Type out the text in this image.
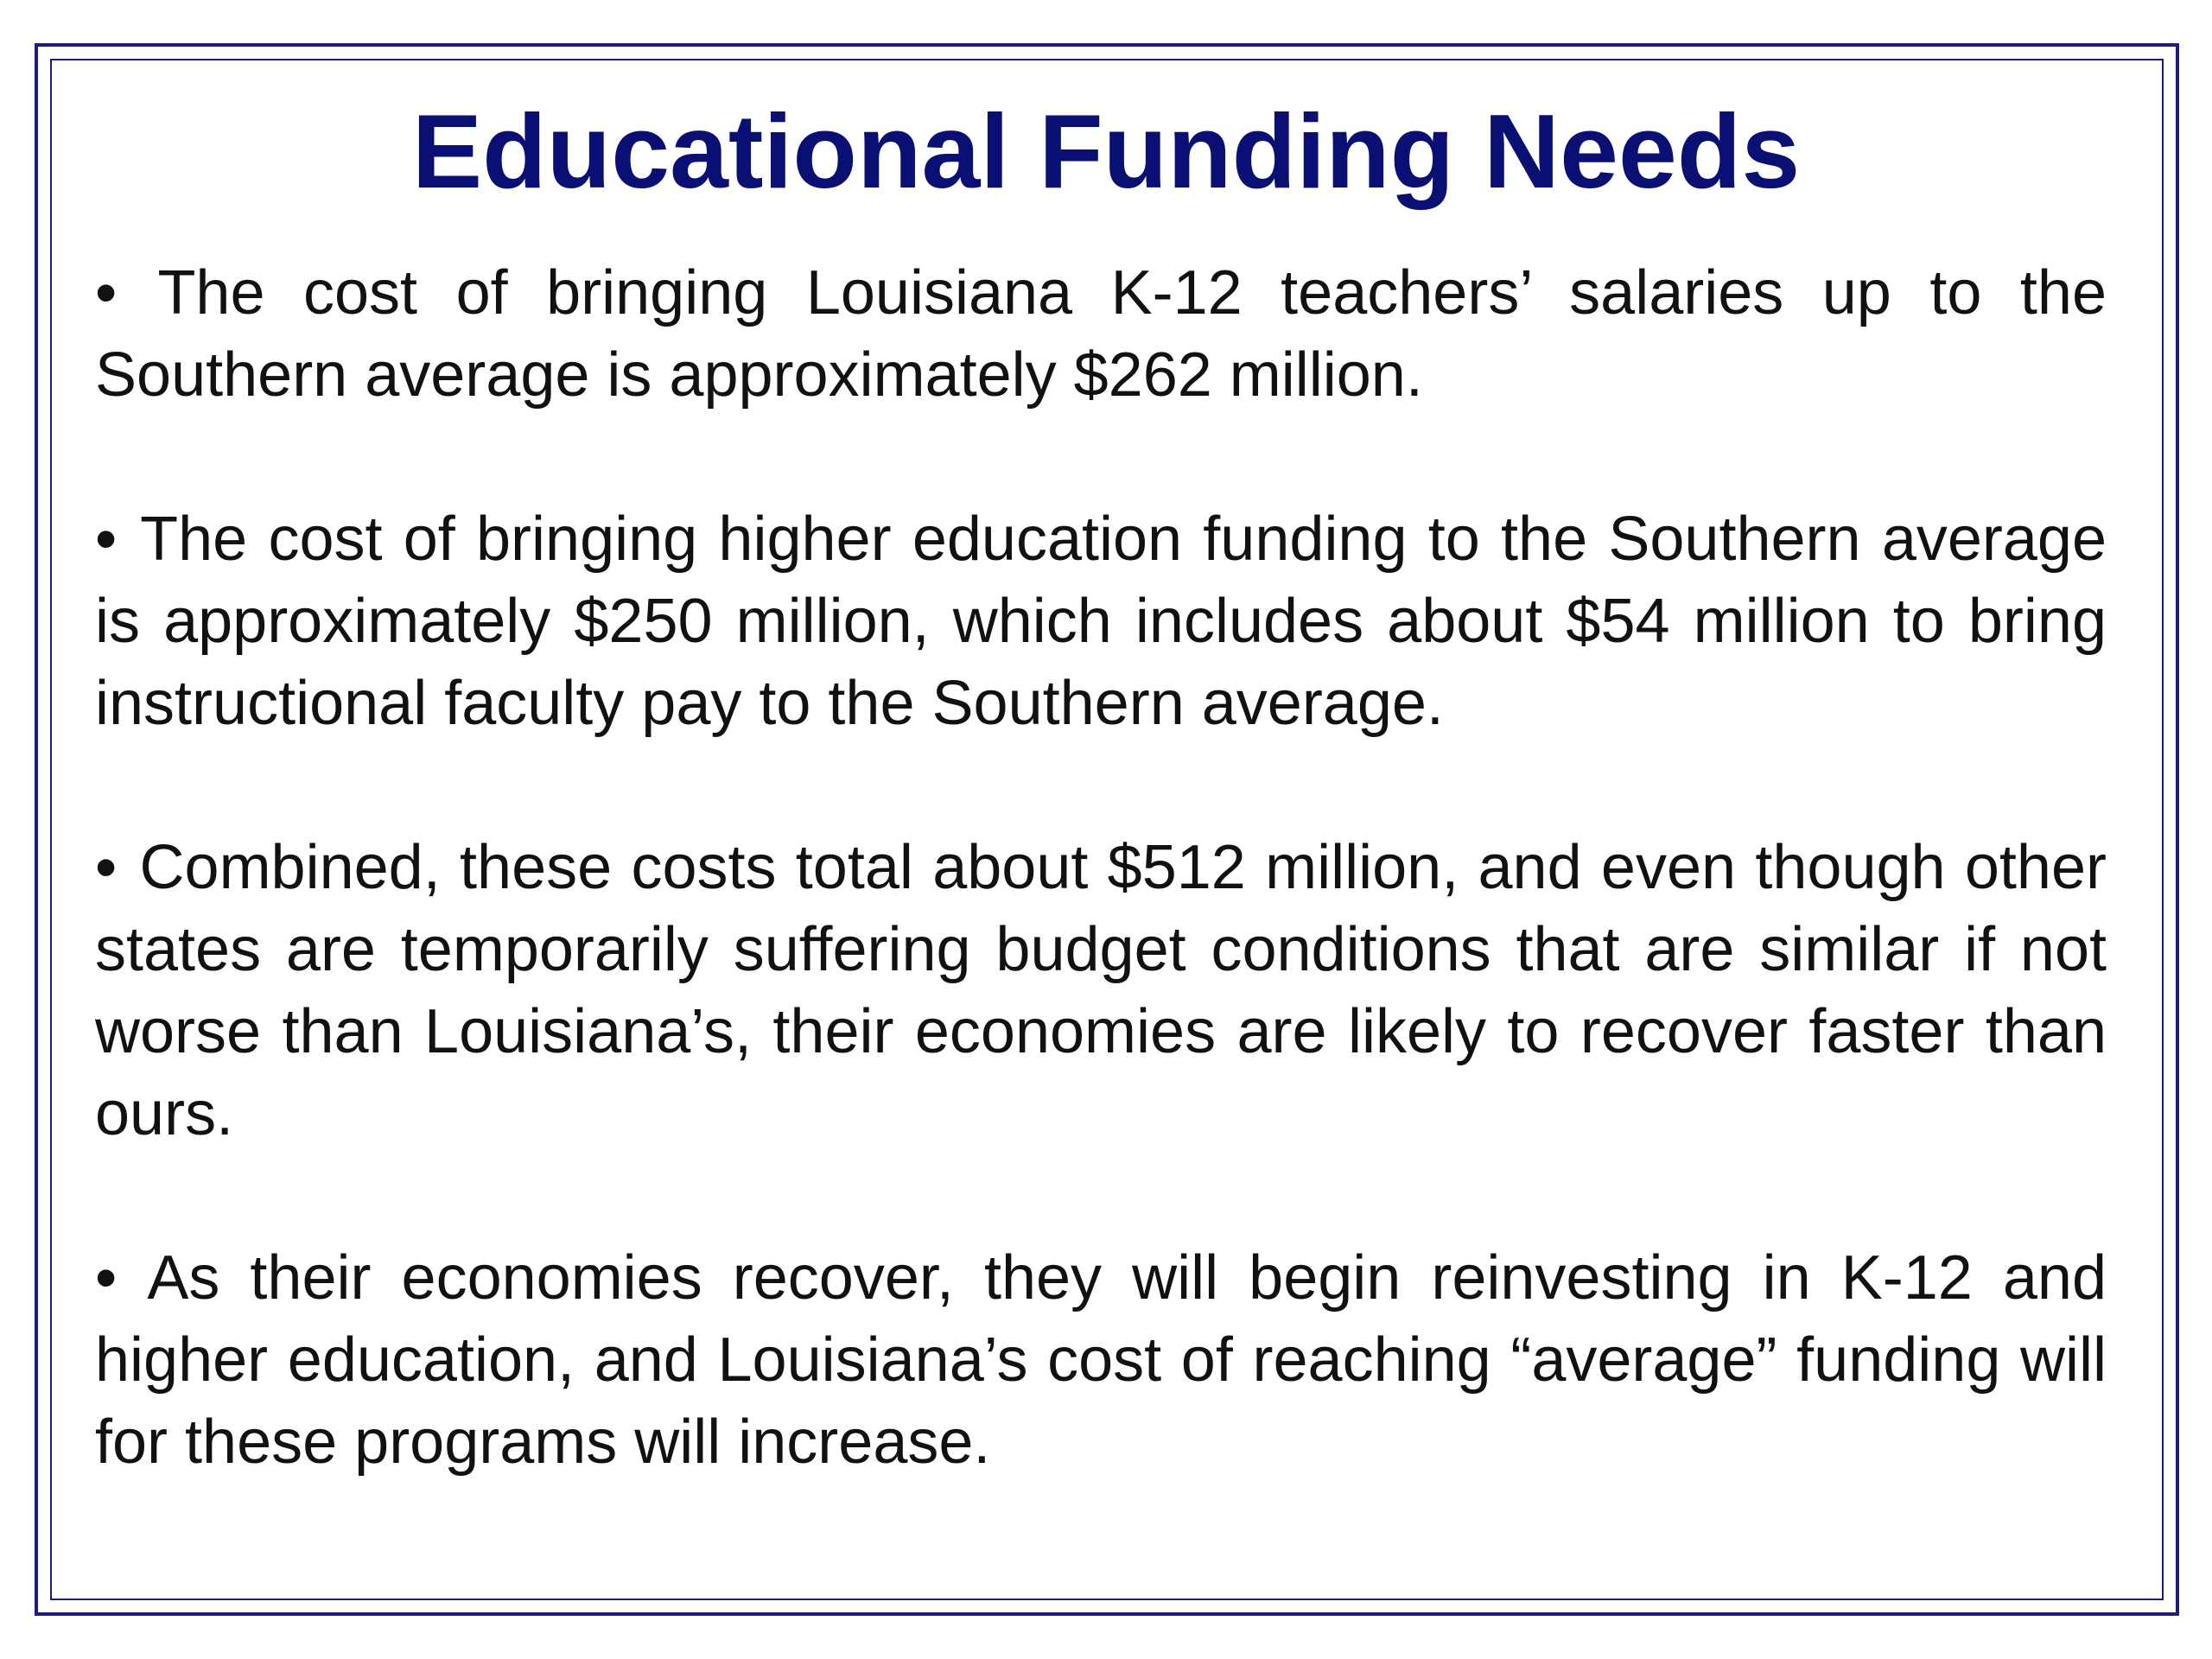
Educational Funding Needs
• The cost of bringing Louisiana K-12 teachers’ salaries up to the Southern average is approximately $262 million.
• The cost of bringing higher education funding to the Southern average is approximately $250 million, which includes about $54 million to bring instructional faculty pay to the Southern average.
• Combined, these costs total about $512 million, and even though other states are temporarily suffering budget conditions that are similar if not worse than Louisiana’s, their economies are likely to recover faster than ours.
• As their economies recover, they will begin reinvesting in K-12 and higher education, and Louisiana’s cost of reaching “average” funding will for these programs will increase.
